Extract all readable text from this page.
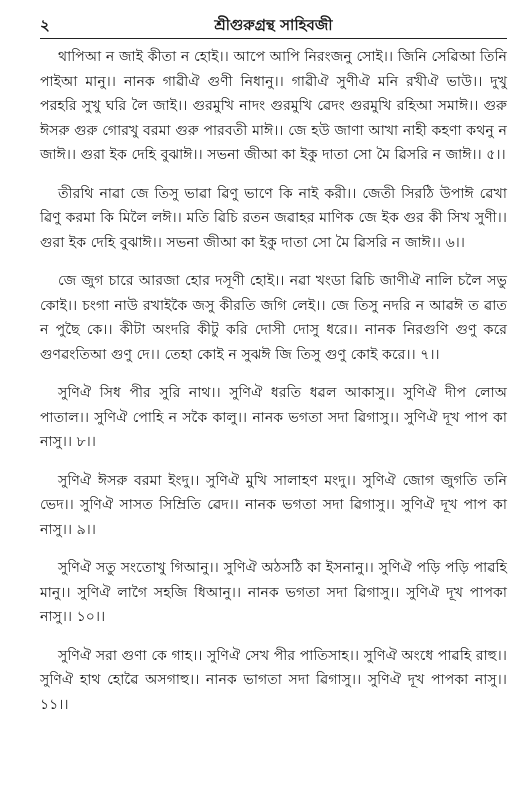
২	শ্রীগুরুগ্রন্থ সাহিবজী

থাপিআ ন জাই কীতা ন হোই।। আপে আপি নিরংজনু সোই।। জিনি সেৱিআ তিনি পাইআ মানু।। নানক গাৱীঐ গুণী নিধানু।। গাৱীঐ সুণীঐ মনি রখীঐ ভাউ।। দুখু পরহরি সুখু ঘরি লৈ জাই।। গুরমুখি নাদং গুরমুখি ৱেদং গুরমুখি রহিআ সমাঈ।। গুরু ঈসরু গুরু গোরখু বরমা গুরু পারবতী মাঈ।। জে হউ জাণা আখা নাহী কহণা কথনু ন জাঈ।। গুরা ইক দেহি বুঝাঈ।। সভনা জীআ কা ইকু দাতা সো মৈ ৱিসরি ন জাঈ।। ৫।।

তীরথি নাৱা জে তিসু ভাৱা ৱিণু ভাণে কি নাই করী।। জেতী সিরঠি উপাঈ ৱেখা ৱিণু করমা কি মিলৈ লঈ।। মতি ৱিচি রতন জৱাহর মাণিক জে ইক গুর কী সিখ সুণী।। গুরা ইক দেহি বুঝাঈ।। সভনা জীআ কা ইকু দাতা সো মৈ ৱিসরি ন জাঈ।। ৬।।

জে জুগ চারে আরজা হোর দসূণী হোই।। নৱা খংডা ৱিচি জাণীঐ নালি চলৈ সভু কোই।। চংগা নাউ রখাইকৈ জসু কীরতি জগি লেই।। জে তিসু নদরি ন আৱঈ ত ৱাত ন পুছৈ কে।। কীটা অংদরি কীটু করি দোসী দোসু ধরে।। নানক নিরগুণি গুণু করে গুণৱংতিআ গুণু দে।। তেহা কোই ন সুঝঈ জি তিসু গুণু কোই করে।। ৭।।

সুণিঐ সিধ পীর সুরি নাথ।। সুণিঐ ধরতি ধৱল আকাসু।। সুণিঐ দীপ লোঅ পাতাল।। সুণিঐ পোহি ন সকৈ কালু।। নানক ভগতা সদা ৱিগাসু।। সুণিঐ দূখ পাপ কা নাসু।। ৮।।

সুণিঐ ঈসরু বরমা ইংদু।। সুণিঐ মুখি সালাহণ মংদু।। সুণিঐ জোগ জুগতি তনি ভেদ।। সুণিঐ সাসত সিম্রিতি ৱেদ।। নানক ভগতা সদা ৱিগাসু।। সুণিঐ দূখ পাপ কা নাসু।। ৯।।

সুণিঐ সতু সংতোখু গিআনু।। সুণিঐ অঠসঠি কা ইসনানু।। সুণিঐ পড়ি পড়ি পাৱহি মানু।। সুণিঐ লাগৈ সহজি ধিআনু।। নানক ভগতা সদা ৱিগাসু।। সুণিঐ দূখ পাপকা নাসু।। ১০।।

সুণিঐ সরা গুণা কে গাহ।। সুণিঐ সেখ পীর পাতিসাহ।। সুণিঐ অংধে পাৱহি রাহু।। সুণিঐ হাথ হোৱৈ অসগাহু।। নানক ভাগতা সদা ৱিগাসু।। সুণিঐ দূখ পাপকা নাসু।। ১১।।
